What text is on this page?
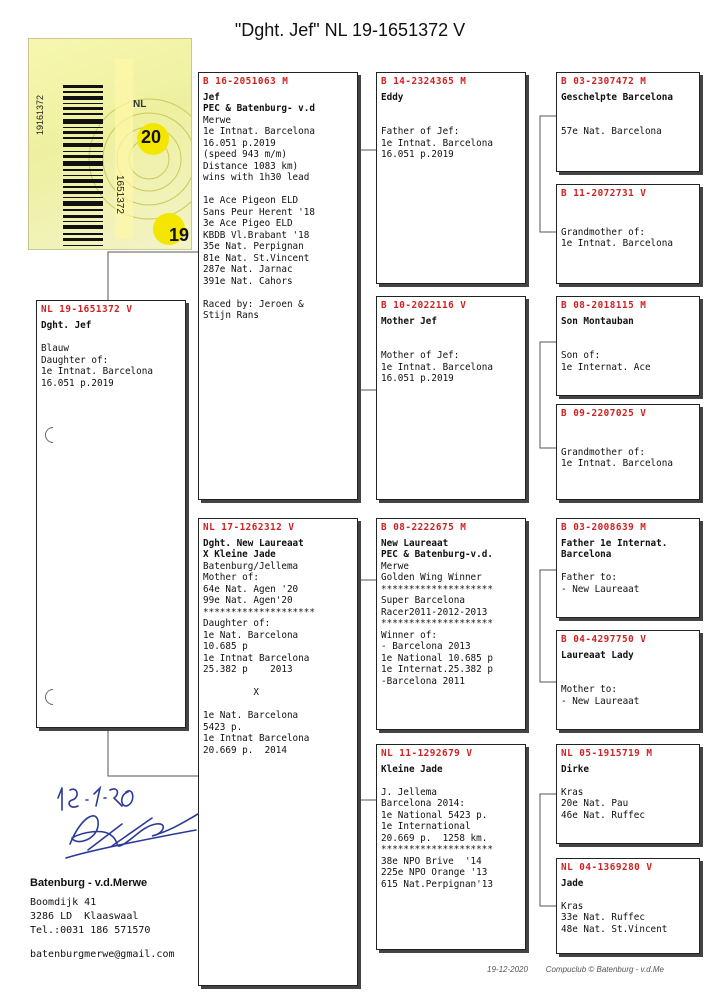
"Dght. Jef" NL 19-1651372 V
19161372	NL
20
1651372
19
NL 19-1651372 V
Dght. Jef
Blauw
Daughter of:
1e Intnat. Barcelona
16.051 p.2019
B 16-2051063 M
Jef
PEC & Batenburg- v.d
Merwe
1e Intnat. Barcelona
16.051 p.2019
(speed 943 m/m)
Distance 1083 km)
wins with 1h30 lead

1e Ace Pigeon ELD
Sans Peur Herent '18
3e Ace Pigeo ELD
KBDB Vl.Brabant '18
35e Nat. Perpignan
81e Nat. St.Vincent
287e Nat. Jarnac
391e Nat. Cahors

Raced by: Jeroen &
Stijn Rans
NL 17-1262312 V
Dght. New Laureaat
X Kleine Jade
Batenburg/Jellema
Mother of:
64e Nat. Agen '20
99e Nat. Agen'20
********************
Daughter of:
1e Nat. Barcelona
10.685 p
1e Intnat Barcelona
25.382 p    2013

X

1e Nat. Barcelona
5423 p.
1e Intnat Barcelona
20.669 p.  2014
B 14-2324365 M
Eddy

Father of Jef:
1e Intnat. Barcelona
16.051 p.2019
B 10-2022116 V
Mother Jef

Mother of Jef:
1e Intnat. Barcelona
16.051 p.2019
B 08-2222675 M
New Laureaat
PEC & Batenburg-v.d.
Merwe
Golden Wing Winner
********************
Super Barcelona
Racer2011-2012-2013
********************
Winner of:
- Barcelona 2013
1e National 10.685 p
1e Internat.25.382 p
-Barcelona 2011
NL 11-1292679 V
Kleine Jade

J. Jellema
Barcelona 2014:
1e National 5423 p.
1e International
20.669 p.  1258 km.
********************
38e NPO Brive  '14
225e NPO Orange '13
615 Nat.Perpignan'13
B 03-2307472 M
Geschelpte Barcelona

57e Nat. Barcelona
B 11-2072731 V

Grandmother of:
1e Intnat. Barcelona
B 08-2018115 M
Son Montauban

Son of:
1e Internat. Ace
B 09-2207025 V

Grandmother of:
1e Intnat. Barcelona
B 03-2008639 M
Father 1e Internat.
Barcelona

Father to:
- New Laureaat
B 04-4297750 V
Laureaat Lady

Mother to:
- New Laureaat
NL 05-1915719 M
Dirke

Kras
20e Nat. Pau
46e Nat. Ruffec
NL 04-1369280 V
Jade

Kras
33e Nat. Ruffec
48e Nat. St.Vincent
Batenburg - v.d.Merwe
Boomdijk 41
3286 LD  Klaaswaal
Tel.:0031 186 571570
batenburgmerwe@gmail.com
19-12-2020        Compuclub © Batenburg - v.d.Me
